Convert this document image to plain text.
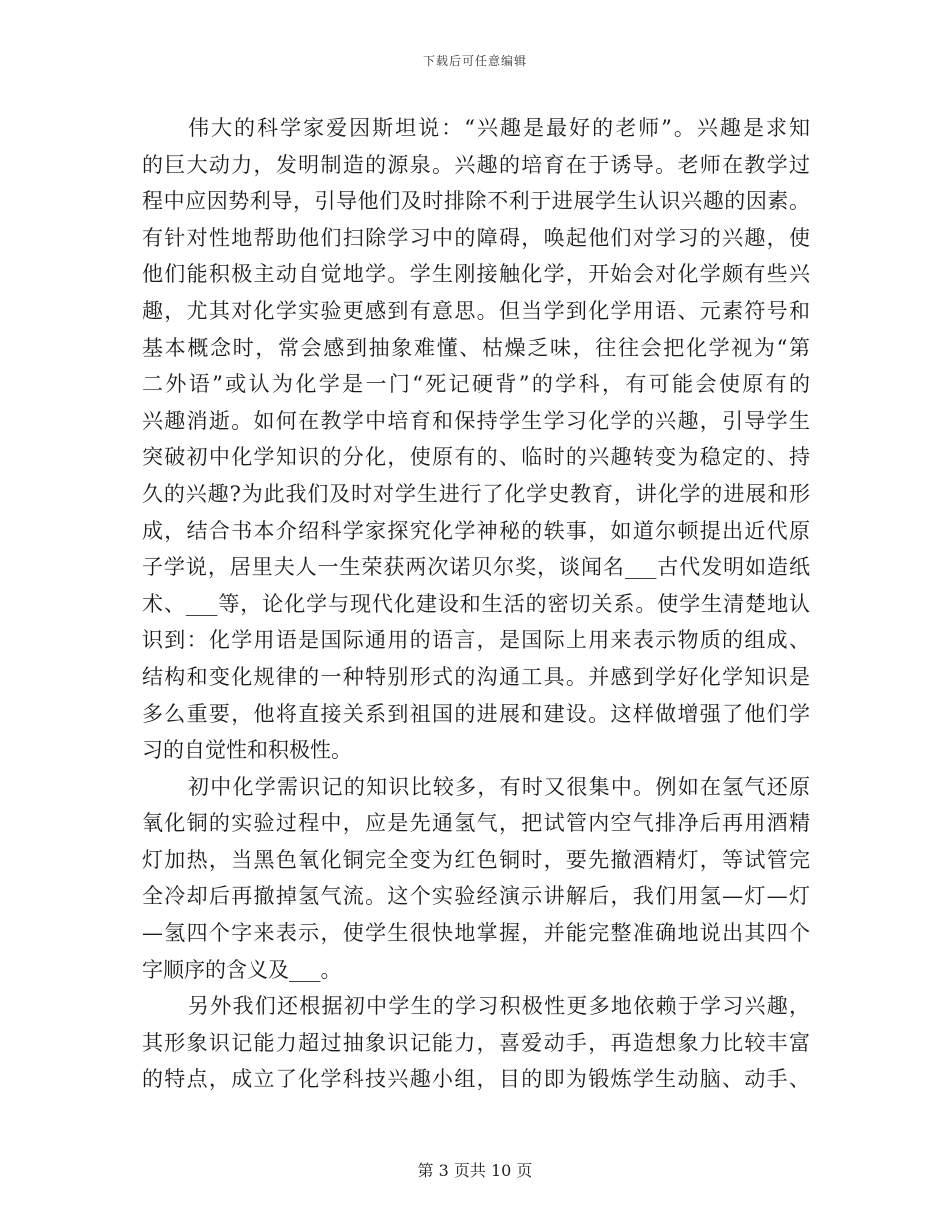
下载后可任意编辑
伟大的科学家爱因斯坦说：“兴趣是最好的老师”。兴趣是求知
的巨大动力，发明制造的源泉。兴趣的培育在于诱导。老师在教学过
程中应因势利导，引导他们及时排除不利于进展学生认识兴趣的因素。
有针对性地帮助他们扫除学习中的障碍，唤起他们对学习的兴趣，使
他们能积极主动自觉地学。学生刚接触化学，开始会对化学颇有些兴
趣，尤其对化学实验更感到有意思。但当学到化学用语、元素符号和
基本概念时，常会感到抽象难懂、枯燥乏味，往往会把化学视为“第
二外语”或认为化学是一门“死记硬背”的学科，有可能会使原有的
兴趣消逝。如何在教学中培育和保持学生学习化学的兴趣，引导学生
突破初中化学知识的分化，使原有的、临时的兴趣转变为稳定的、持
久的兴趣?为此我们及时对学生进行了化学史教育，讲化学的进展和形
成，结合书本介绍科学家探究化学神秘的轶事，如道尔顿提出近代原
子学说，居里夫人一生荣获两次诺贝尔奖，谈闻名___古代发明如造纸
术、___等，论化学与现代化建设和生活的密切关系。使学生清楚地认
识到：化学用语是国际通用的语言，是国际上用来表示物质的组成、
结构和变化规律的一种特别形式的沟通工具。并感到学好化学知识是
多么重要，他将直接关系到祖国的进展和建设。这样做增强了他们学
习的自觉性和积极性。
初中化学需识记的知识比较多，有时又很集中。例如在氢气还原
氧化铜的实验过程中，应是先通氢气，把试管内空气排净后再用酒精
灯加热，当黑色氧化铜完全变为红色铜时，要先撤酒精灯，等试管完
全冷却后再撤掉氢气流。这个实验经演示讲解后，我们用氢—灯—灯
—氢四个字来表示，使学生很快地掌握，并能完整准确地说出其四个
字顺序的含义及___。
另外我们还根据初中学生的学习积极性更多地依赖于学习兴趣，
其形象识记能力超过抽象识记能力，喜爱动手，再造想象力比较丰富
的特点，成立了化学科技兴趣小组，目的即为锻炼学生动脑、动手、
第 3 页共 10 页
